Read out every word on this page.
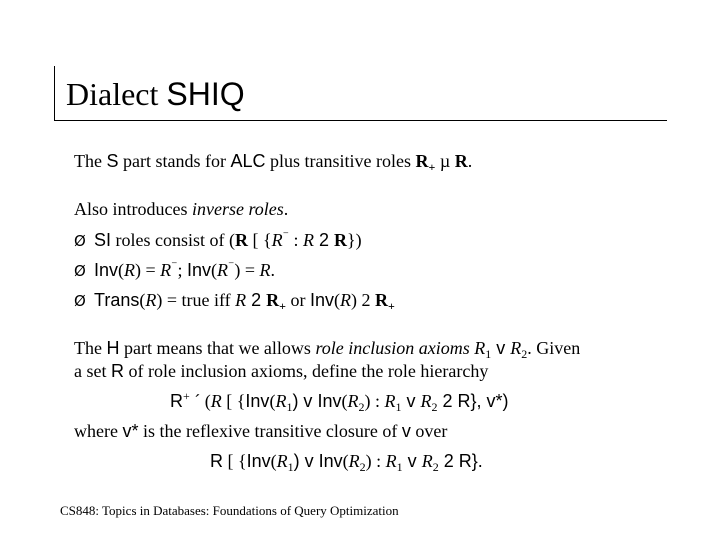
Dialect SHIQ
The S part stands for ALC plus transitive roles $R_+$ µ R.
Also introduces inverse roles.
Ø SI roles consist of (R [ {R⁻ : R 2 R})
Ø Inv(R) = R⁻; Inv(R⁻) = R.
Ø Trans(R) = true iff R 2 $R_+$ or Inv(R) 2 $R_+$
The H part means that we allows role inclusion axioms $R_1$ v $R_2$. Given
a set R of role inclusion axioms, define the role hierarchy
R+ ´ (R [ {$Inv(R_1)$ v $Inv(R_2)$ : $R_1$ v $R_2$ 2 R}, v*)
where v* is the reflexive transitive closure of v over
R [ {$Inv(R_1)$ v $Inv(R_2)$ : $R_1$ v $R_2$ 2 R}.
CS848: Topics in Databases: Foundations of Query Optimization
